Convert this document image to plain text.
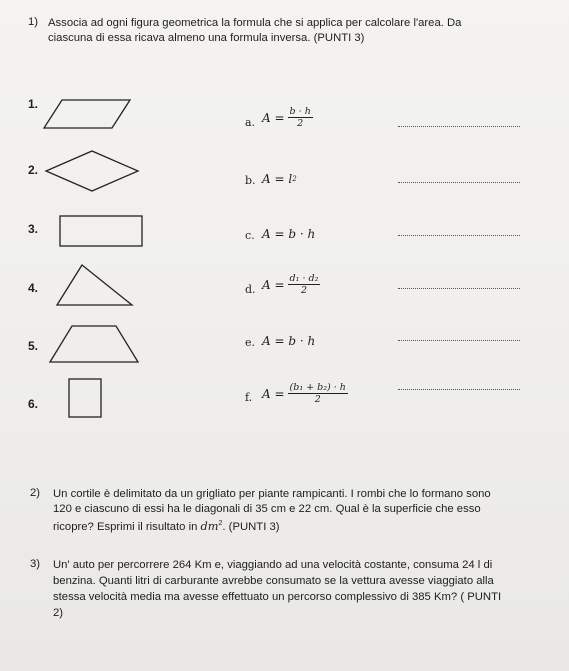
1) Associa ad ogni figura geometrica la formula che si applica per calcolare l'area. Da
ciascuna di essa ricava almeno una formula inversa. (PUNTI 3)
1.
2.
3.
4.
5.
6.
a. $A = \frac{b \cdot h}{2}$
b. A = l 2
c. A = b · h
d. $A = \frac{\text{d₁ · d₂}}{2}$
e. A = b · h
f. $A = \frac{\text{(b₁ + b₂) · h}}{2}$
2) Un cortile è delimitato da un grigliato per piante rampicanti. I rombi che lo formano sono
120 e ciascuno di essi ha le diagonali di 35 cm e 22 cm. Qual è la superficie che esso
ricopre? Esprimi il risultato in $dm^2$. (PUNTI 3)
3) Un' auto per percorrere 264 Km e, viaggiando ad una velocità costante, consuma 24 l di
benzina. Quanti litri di carburante avrebbe consumato se la vettura avesse viaggiato alla
stessa velocità media ma avesse effettuato un percorso complessivo di 385 Km? ( PUNTI
2)
